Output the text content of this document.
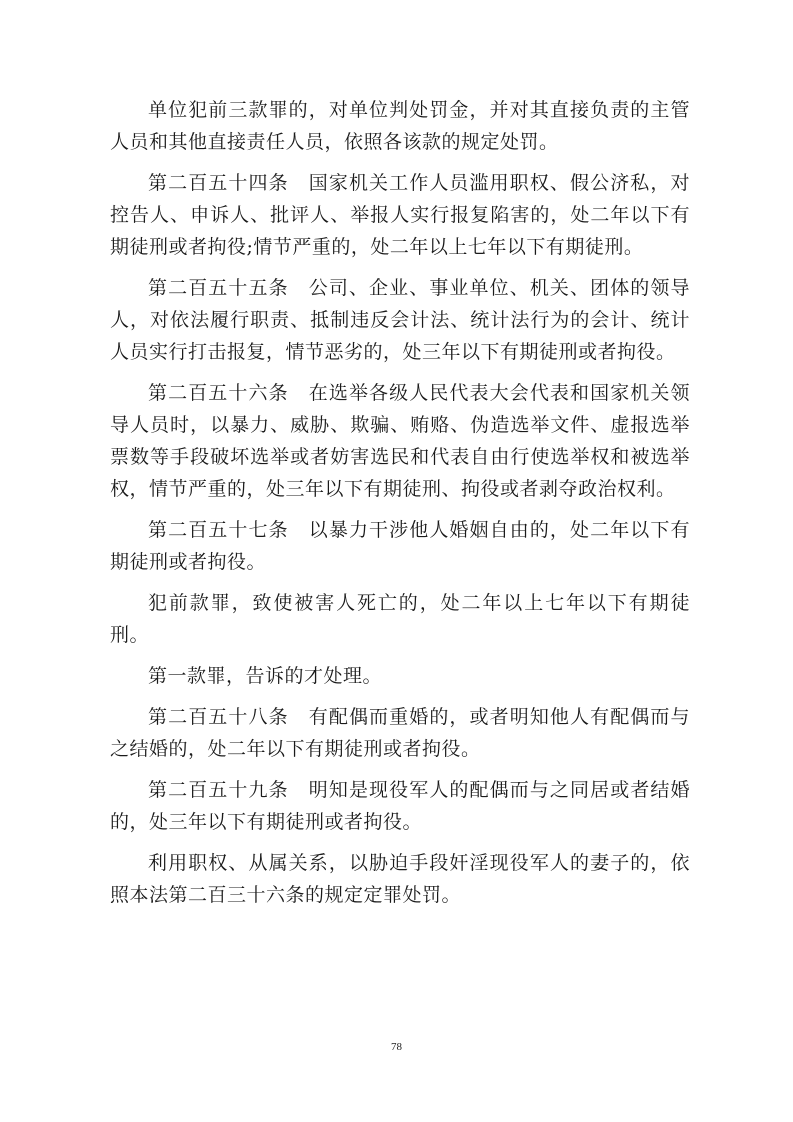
单位犯前三款罪的，对单位判处罚金，并对其直接负责的主管人员和其他直接责任人员，依照各该款的规定处罚。

第二百五十四条　国家机关工作人员滥用职权、假公济私，对控告人、申诉人、批评人、举报人实行报复陷害的，处二年以下有期徒刑或者拘役;情节严重的，处二年以上七年以下有期徒刑。

第二百五十五条　公司、企业、事业单位、机关、团体的领导人，对依法履行职责、抵制违反会计法、统计法行为的会计、统计人员实行打击报复，情节恶劣的，处三年以下有期徒刑或者拘役。

第二百五十六条　在选举各级人民代表大会代表和国家机关领导人员时，以暴力、威胁、欺骗、贿赂、伪造选举文件、虚报选举票数等手段破坏选举或者妨害选民和代表自由行使选举权和被选举权，情节严重的，处三年以下有期徒刑、拘役或者剥夺政治权利。

第二百五十七条　以暴力干涉他人婚姻自由的，处二年以下有期徒刑或者拘役。

犯前款罪，致使被害人死亡的，处二年以上七年以下有期徒刑。

第一款罪，告诉的才处理。

第二百五十八条　有配偶而重婚的，或者明知他人有配偶而与之结婚的，处二年以下有期徒刑或者拘役。

第二百五十九条　明知是现役军人的配偶而与之同居或者结婚的，处三年以下有期徒刑或者拘役。

利用职权、从属关系，以胁迫手段奸淫现役军人的妻子的，依照本法第二百三十六条的规定定罪处罚。

78
